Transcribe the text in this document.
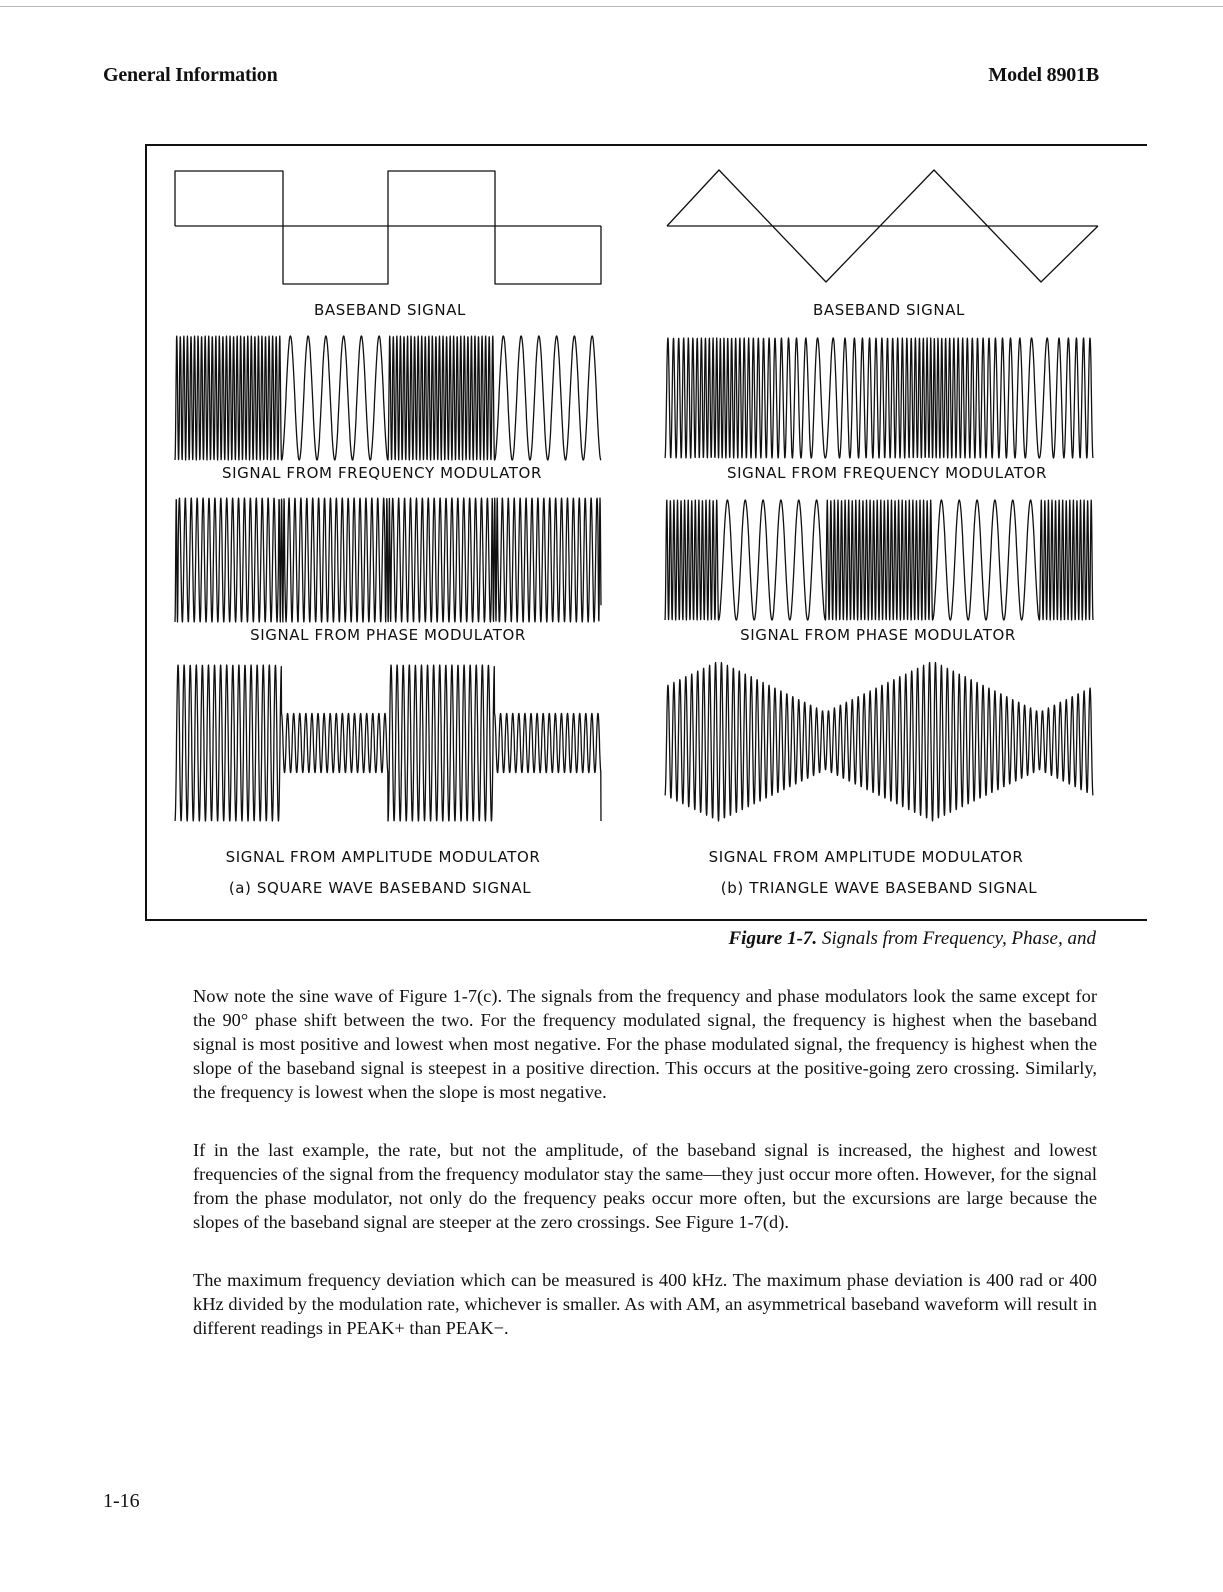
General Information	Model 8901B
BASEBAND SIGNAL	BASEBAND SIGNAL
SIGNAL FROM FREQUENCY MODULATOR	SIGNAL FROM FREQUENCY MODULATOR
SIGNAL FROM PHASE MODULATOR	SIGNAL FROM PHASE MODULATOR
SIGNAL FROM AMPLITUDE MODULATOR	SIGNAL FROM AMPLITUDE MODULATOR
(a) SQUARE WAVE BASEBAND SIGNAL	(b) TRIANGLE WAVE BASEBAND SIGNAL
Figure 1-7. Signals from Frequency, Phase, and

Now note the sine wave of Figure 1-7(c). The signals from the frequency and phase modulators look the same except for the 90° phase shift between the two. For the frequency modulated signal, the frequency is highest when the baseband signal is most positive and lowest when most negative. For the phase modulated signal, the frequency is highest when the slope of the baseband signal is steepest in a positive direction. This occurs at the positive-going zero crossing. Similarly, the frequency is lowest when the slope is most negative.

If in the last example, the rate, but not the amplitude, of the baseband signal is increased, the highest and lowest frequencies of the signal from the frequency modulator stay the same—they just occur more often. However, for the signal from the phase modulator, not only do the frequency peaks occur more often, but the excursions are large because the slopes of the baseband signal are steeper at the zero crossings. See Figure 1-7(d).

The maximum frequency deviation which can be measured is 400 kHz. The maximum phase deviation is 400 rad or 400 kHz divided by the modulation rate, whichever is smaller. As with AM, an asymmetrical baseband waveform will result in different readings in PEAK+ than PEAK−.

1-16
